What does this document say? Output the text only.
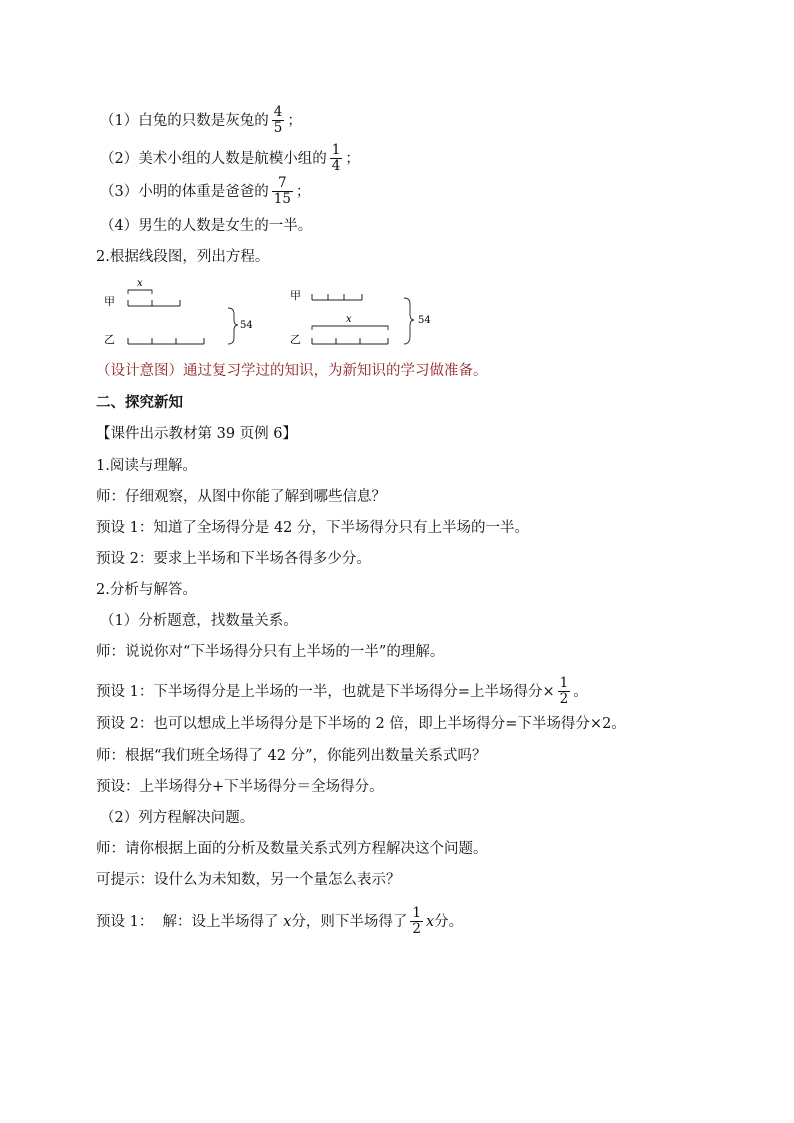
（1）白兔的只数是灰兔的 $\frac{4}{5}$ ；
（2）美术小组的人数是航模小组的 $\frac{1}{4}$ ；
（3）小明的体重是爸爸的 $\frac{7}{15}$ ；
（4）男生的人数是女生的一半。
2.根据线段图，列出方程。
甲
乙
x
54
甲
乙
x	54
（设计意图）通过复习学过的知识，为新知识的学习做准备。
二、探究新知
【课件出示教材第 39 页例 6】
1.阅读与理解。
师：仔细观察，从图中你能了解到哪些信息？
预设 1：知道了全场得分是 42 分，下半场得分只有上半场的一半。
预设 2：要求上半场和下半场各得多少分。
2.分析与解答。
（1）分析题意，找数量关系。
师：说说你对“下半场得分只有上半场的一半”的理解。
预设 1：下半场得分是上半场的一半，也就是下半场得分=上半场得分× $\frac{1}{2}$ 。
预设 2：也可以想成上半场得分是下半场的 2 倍，即上半场得分=下半场得分×2。
师：根据“我们班全场得了 42 分”，你能列出数量关系式吗？
预设：上半场得分+下半场得分＝全场得分。
（2）列方程解决问题。
师：请你根据上面的分析及数量关系式列方程解决这个问题。
可提示：设什么为未知数，另一个量怎么表示？
预设 1：  解：设上半场得了 x 分，则下半场得了 $\frac{1}{2}$ x 分。
